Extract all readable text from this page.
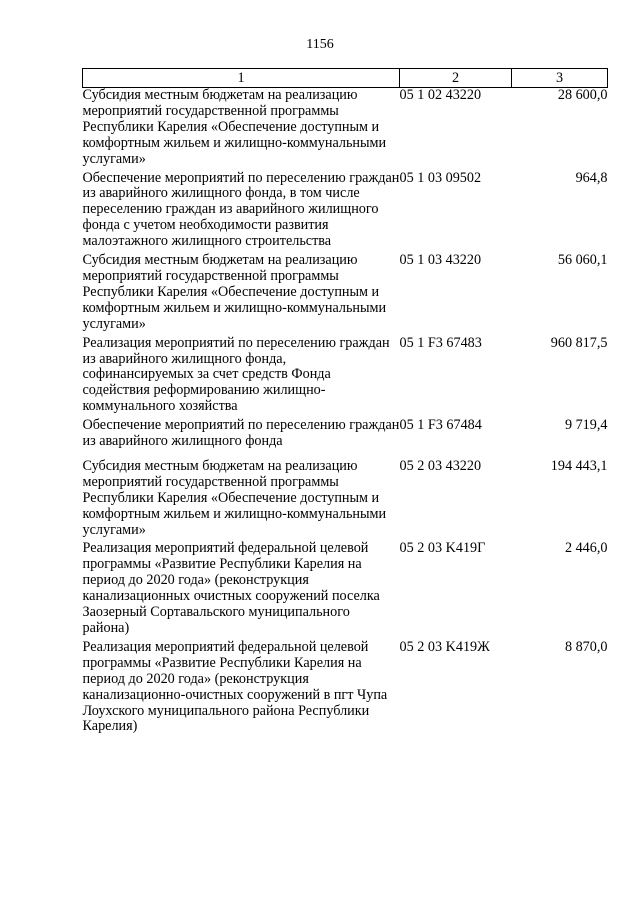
1156
1	2	3
Субсидия местным бюджетам на реализацию мероприятий государственной программы Республики Карелия «Обеспечение доступным и комфортным жильем и жилищно-коммунальными услугами»	05 1 02 43220	28 600,0
Обеспечение мероприятий по переселению граждан из аварийного жилищного фонда, в том числе переселению граждан из аварийного жилищного фонда с учетом необходимости развития малоэтажного жилищного строительства	05 1 03 09502	964,8
Субсидия местным бюджетам на реализацию мероприятий государственной программы Республики Карелия «Обеспечение доступным и комфортным жильем и жилищно-коммунальными услугами»	05 1 03 43220	56 060,1
Реализация мероприятий по переселению граждан из аварийного жилищного фонда, софинансируемых за счет средств Фонда содействия реформированию жилищно-коммунального хозяйства	05 1 F3 67483	960 817,5
Обеспечение мероприятий по переселению граждан из аварийного жилищного фонда	05 1 F3 67484	9 719,4
Субсидия местным бюджетам на реализацию мероприятий государственной программы Республики Карелия «Обеспечение доступным и комфортным жильем и жилищно-коммунальными услугами»	05 2 03 43220	194 443,1
Реализация мероприятий федеральной целевой программы «Развитие Республики Карелия на период до 2020 года» (реконструкция канализационных очистных сооружений поселка Заозерный Сортавальского муниципального района)	05 2 03 K419Г	2 446,0
Реализация мероприятий федеральной целевой программы «Развитие Республики Карелия на период до 2020 года» (реконструкция канализационно-очистных сооружений в пгт Чупа Лоухского муниципального района Республики Карелия)	05 2 03 K419Ж	8 870,0
